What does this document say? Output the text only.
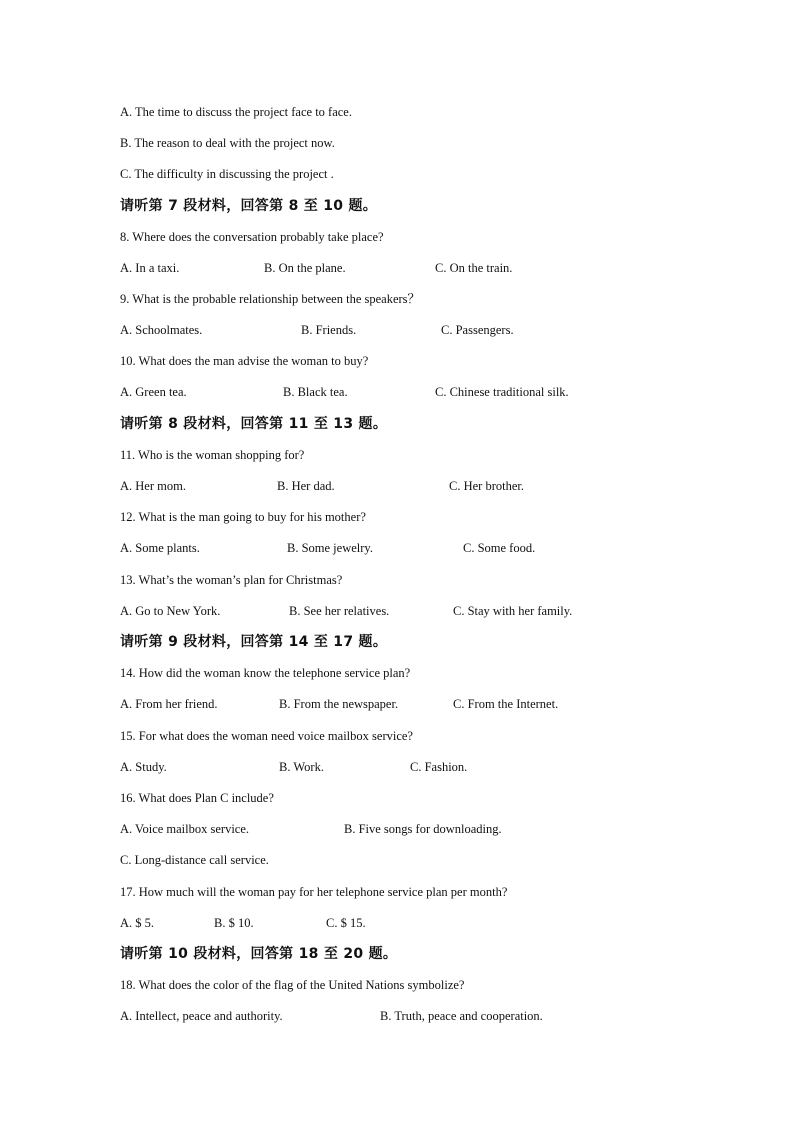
A. The time to discuss the project face to face.
B. The reason to deal with the project now.
C. The difficulty in discussing the project .
请听第 7 段材料，回答第 8 至 10 题。
8. Where does the conversation probably take place?
A. In a taxi.	B. On the plane.	C. On the train.
9. What is the probable relationship between the speakers？
A. Schoolmates.	B. Friends.	C. Passengers.
10. What does the man advise the woman to buy?
A. Green tea.	B. Black tea.	C. Chinese traditional silk.
请听第 8 段材料，回答第 11 至 13 题。
11. Who is the woman shopping for?
A. Her mom.	B. Her dad.	C. Her brother.
12. What is the man going to buy for his mother?
A. Some plants.	B. Some jewelry.	C. Some food.
13. What’s the woman’s plan for Christmas?
A. Go to New York.	B. See her relatives.	C. Stay with her family.
请听第 9 段材料，回答第 14 至 17 题。
14. How did the woman know the telephone service plan?
A. From her friend.	B. From the newspaper.	C. From the Internet.
15. For what does the woman need voice mailbox service?
A. Study.	B. Work.	C. Fashion.
16. What does Plan C include?
A. Voice mailbox service.	B. Five songs for downloading.
C. Long-distance call service.
17. How much will the woman pay for her telephone service plan per month?
A. $ 5.	B. $ 10.	C. $ 15.
请听第 10 段材料，回答第 18 至 20 题。
18. What does the color of the flag of the United Nations symbolize?
A. Intellect, peace and authority.	B. Truth, peace and cooperation.
